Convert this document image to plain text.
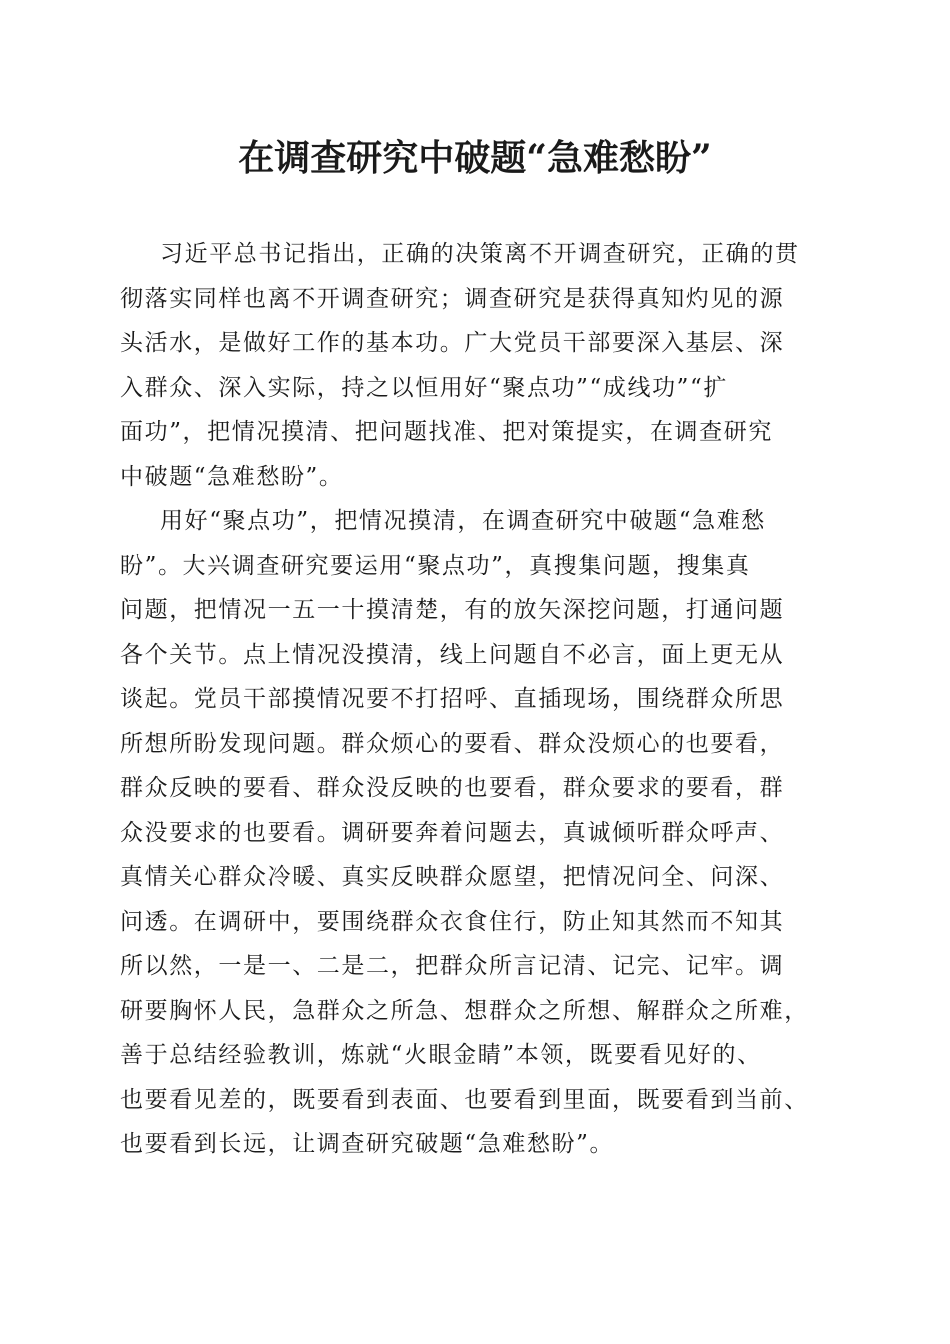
在调查研究中破题“急难愁盼”
习近平总书记指出，正确的决策离不开调查研究，正确的贯
彻落实同样也离不开调查研究；调查研究是获得真知灼见的源
头活水，是做好工作的基本功。广大党员干部要深入基层、深
入群众、深入实际，持之以恒用好“聚点功”“成线功”“扩
面功”，把情况摸清、把问题找准、把对策提实，在调查研究
中破题“急难愁盼”。
用好“聚点功”，把情况摸清，在调查研究中破题“急难愁
盼”。大兴调查研究要运用“聚点功”，真搜集问题，搜集真
问题，把情况一五一十摸清楚，有的放矢深挖问题，打通问题
各个关节。点上情况没摸清，线上问题自不必言，面上更无从
谈起。党员干部摸情况要不打招呼、直插现场，围绕群众所思
所想所盼发现问题。群众烦心的要看、群众没烦心的也要看，
群众反映的要看、群众没反映的也要看，群众要求的要看，群
众没要求的也要看。调研要奔着问题去，真诚倾听群众呼声、
真情关心群众冷暖、真实反映群众愿望，把情况问全、问深、
问透。在调研中，要围绕群众衣食住行，防止知其然而不知其
所以然，一是一、二是二，把群众所言记清、记完、记牢。调
研要胸怀人民，急群众之所急、想群众之所想、解群众之所难，
善于总结经验教训，炼就“火眼金睛”本领，既要看见好的、
也要看见差的，既要看到表面、也要看到里面，既要看到当前、
也要看到长远，让调查研究破题“急难愁盼”。
